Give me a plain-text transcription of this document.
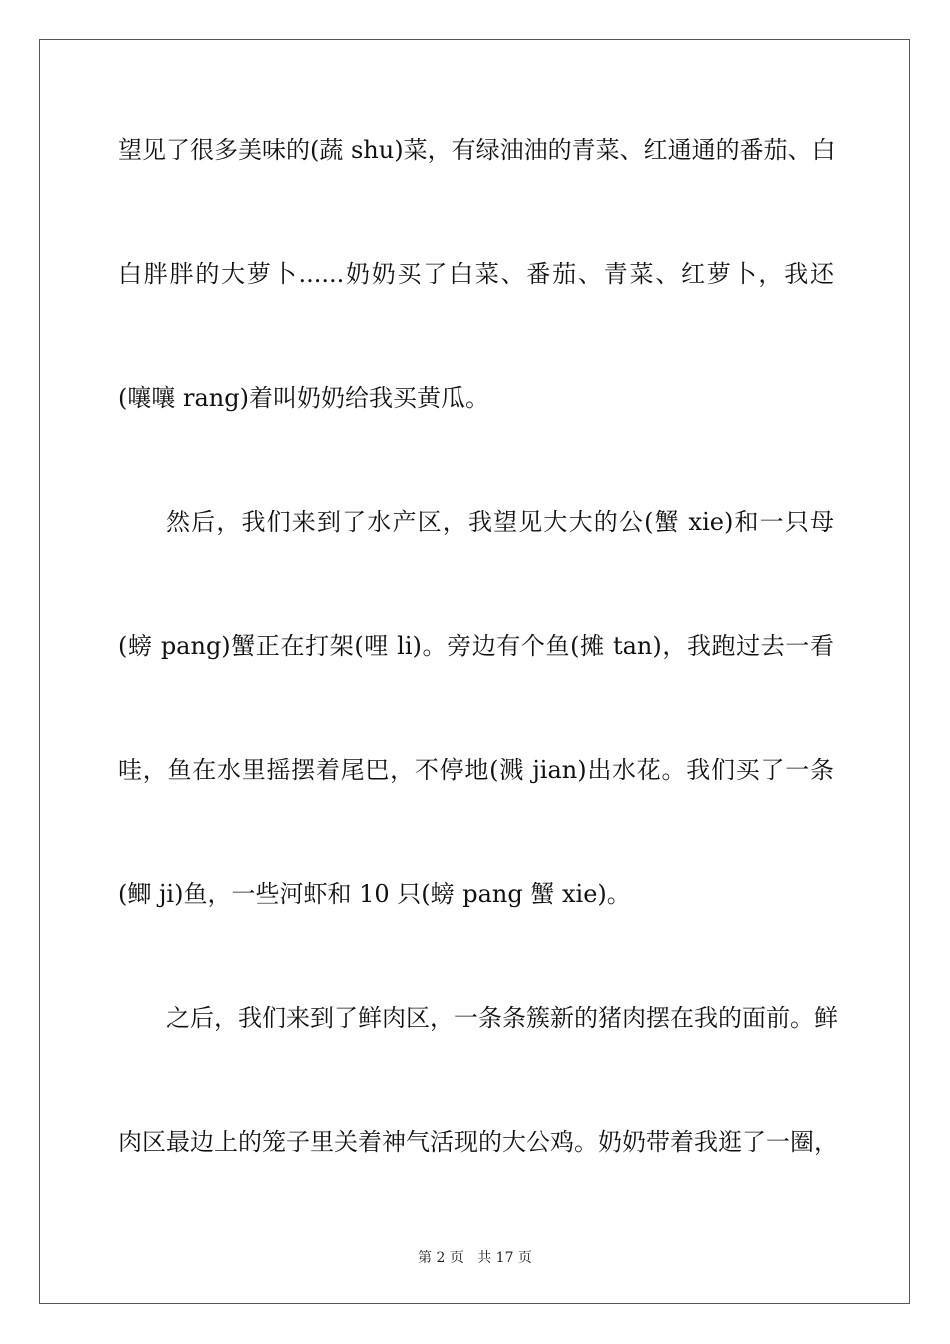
望见了很多美味的(蔬 shu)菜，有绿油油的青菜、红通通的番茄、白
白胖胖的大萝卜......奶奶买了白菜、番茄、青菜、红萝卜，我还
(嚷嚷 rang)着叫奶奶给我买黄瓜。
然后，我们来到了水产区，我望见大大的公(蟹 xie)和一只母
(螃 pang)蟹正在打架(哩 li)。旁边有个鱼(摊 tan)，我跑过去一看
哇，鱼在水里摇摆着尾巴，不停地(溅 jian)出水花。我们买了一条
(鲫 ji)鱼，一些河虾和 10 只(螃 pang 蟹 xie)。
之后，我们来到了鲜肉区，一条条簇新的猪肉摆在我的面前。鲜
肉区最边上的笼子里关着神气活现的大公鸡。奶奶带着我逛了一圈，
第 2 页 共 17 页
